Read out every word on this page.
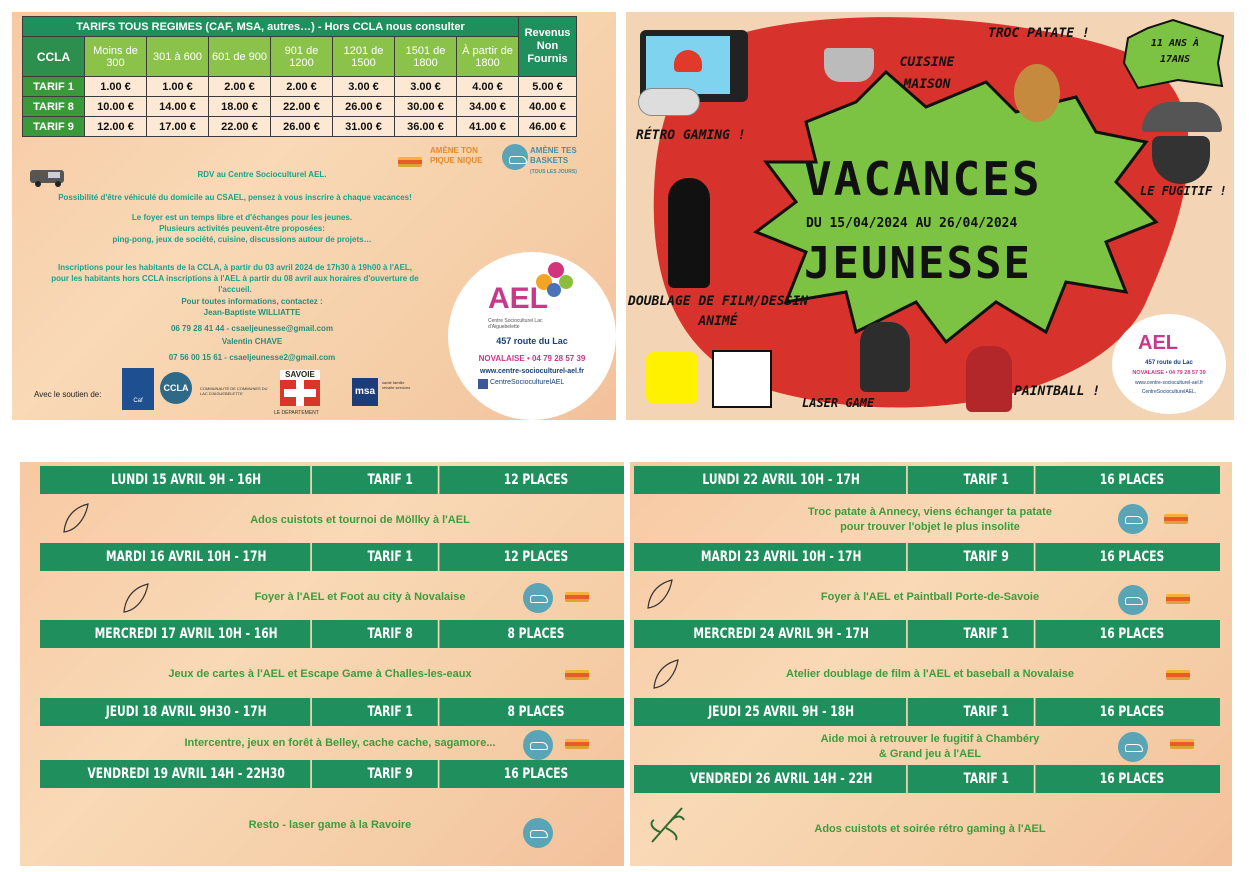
TARIFS TOUS REGIMES (CAF, MSA, autres…) - Hors CCLA nous consulter								Revenus Non Fournis
CCLA	Moins de 300	301 à 600	601 de 900	901 de 1200	1201 de 1500	1501 de 1800	À partir de 1800	
TARIF 1	1.00 €	1.00 €	2.00 €	2.00 €	3.00 €	3.00 €	4.00 €	5.00 €
TARIF 8	10.00 €	14.00 €	18.00 €	22.00 €	26.00 €	30.00 €	34.00 €	40.00 €
TARIF 9	12.00 €	17.00 €	22.00 €	26.00 €	31.00 €	36.00 €	41.00 €	46.00 €
AMÈNE TON PIQUE NIQUE
AMÈNE TES BASKETS
(TOUS LES JOURS)
RDV au Centre Socioculturel AEL.
Possibilité d'être véhiculé du domicile au CSAEL, pensez à vous inscrire à chaque vacances!
Le foyer est un temps libre et d'échanges pour les jeunes.
Plusieurs activités peuvent-être proposées:
ping-pong, jeux de société, cuisine, discussions autour de projets…
Inscriptions pour les habitants de la CCLA, à partir du 03 avril 2024 de 17h30 à 19h00 à l'AEL,
pour les habitants hors CCLA inscriptions à l'AEL à partir du 08 avril aux horaires d'ouverture de
l'accueil.
Pour toutes informations, contactez :
Jean-Baptiste WILLIATTE
06 79 28 41 44 - csaeljeunesse@gmail.com
Valentin CHAVE
07 56 00 15 61 - csaeljeunesse2@gmail.com
Avec le soutien de:
Caf
CCLA	COMMUNAUTÉ DE COMMUNES DU LAC D'AIGUEBELETTE
SAVOIE
LE DÉPARTEMENT
msa
santé famille retraite services
AEL
Centre Socioculturel Lac d'Aiguebelette
457 route du Lac
NOVALAISE • 04 79 28 57 39
www.centre-socioculturel-ael.fr
CentreSocioculturelAEL
VACANCES
DU 15/04/2024 AU 26/04/2024
JEUNESSE
11 ANS À 17ANS
RÉTRO GAMING !
CUISINE MAISON
TROC PATATE !
LE FUGITIF !
DOUBLAGE DE FILM/DESSIN ANIMÉ
LASER GAME
PAINTBALL !
AEL
457 route du Lac
NOVALAISE • 04 79 28 57 39
www.centre-socioculturel-ael.fr
CentreSocioculturelAEL.
LUNDI 15 AVRIL 9H - 16H	TARIF 1	12 PLACES
Ados cuistots et tournoi de Möllky à l'AEL
MARDI 16 AVRIL 10H - 17H	TARIF 1	12 PLACES
Foyer à l'AEL et Foot au city à Novalaise
MERCREDI 17 AVRIL 10H - 16H	TARIF 8	8 PLACES
Jeux de cartes à l'AEL et Escape Game à Challes-les-eaux
JEUDI 18 AVRIL 9H30 - 17H	TARIF 1	8 PLACES
Intercentre, jeux en forêt à Belley, cache cache, sagamore...
VENDREDI 19 AVRIL 14H - 22H30	TARIF 9	16 PLACES
Resto - laser game à la Ravoire
LUNDI 22 AVRIL 10H - 17H	TARIF 1	16 PLACES
Troc patate à Annecy, viens échanger ta patate
pour trouver l'objet le plus insolite
MARDI 23 AVRIL 10H - 17H	TARIF 9	16 PLACES
Foyer à l'AEL et Paintball Porte-de-Savoie
MERCREDI 24 AVRIL 9H - 17H	TARIF 1	16 PLACES
Atelier doublage de film à l'AEL et baseball a Novalaise
JEUDI 25 AVRIL 9H - 18H	TARIF 1	16 PLACES
Aide moi à retrouver le fugitif à Chambéry
& Grand jeu à l'AEL
VENDREDI 26 AVRIL 14H - 22H	TARIF 1	16 PLACES
Ados cuistots et soirée rétro gaming à l'AEL
